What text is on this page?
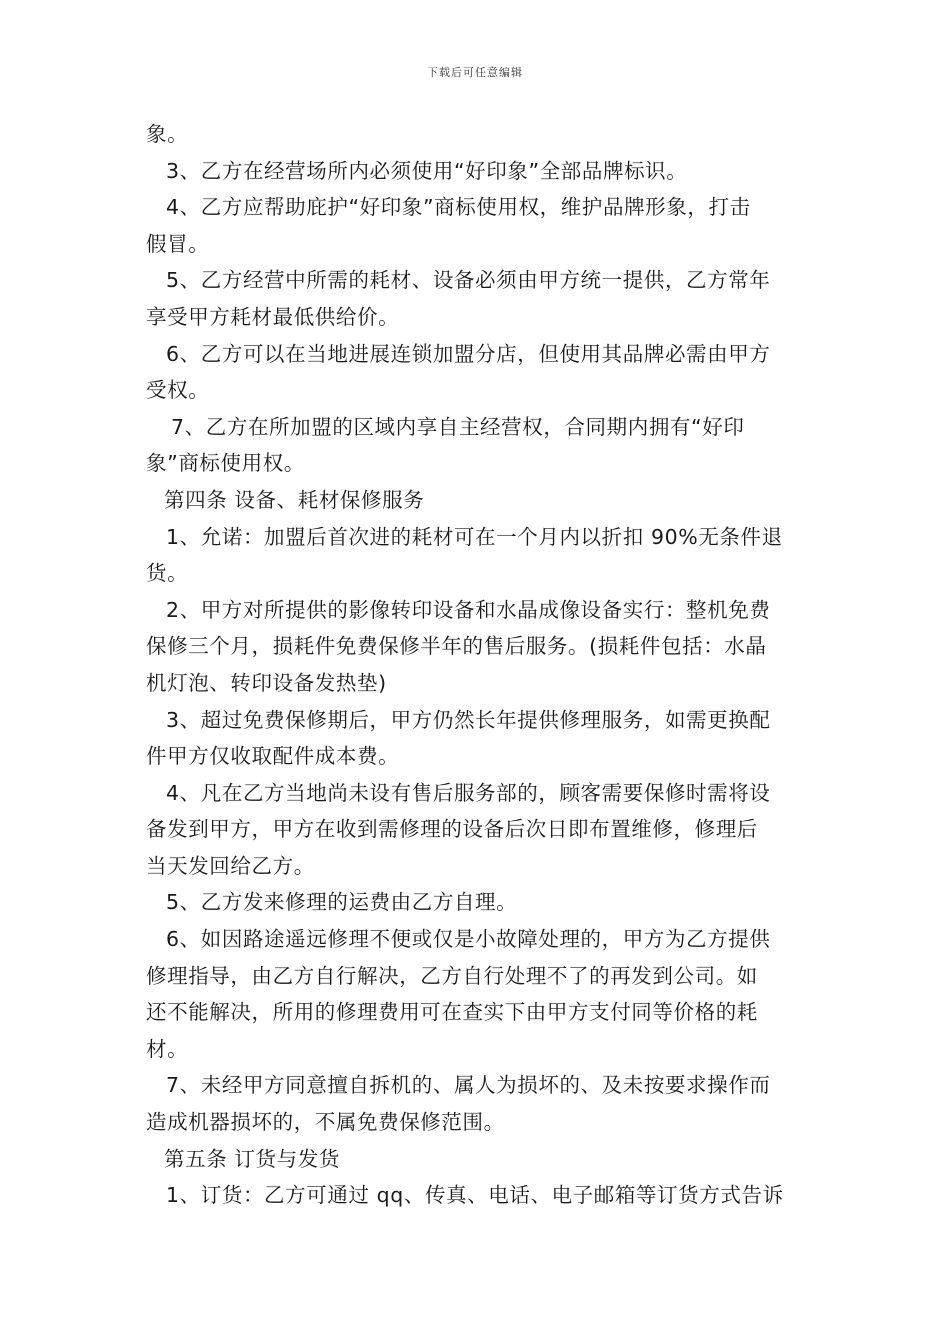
下载后可任意编辑
象。
3、乙方在经营场所内必须使用“好印象”全部品牌标识。
4、乙方应帮助庇护“好印象”商标使用权，维护品牌形象，打击
假冒。
5、乙方经营中所需的耗材、设备必须由甲方统一提供，乙方常年
享受甲方耗材最低供给价。
6、乙方可以在当地进展连锁加盟分店，但使用其品牌必需由甲方
受权。
7、乙方在所加盟的区域内享自主经营权，合同期内拥有“好印
象”商标使用权。
第四条 设备、耗材保修服务
1、允诺：加盟后首次进的耗材可在一个月内以折扣 90%无条件退
货。
2、甲方对所提供的影像转印设备和水晶成像设备实行：整机免费
保修三个月，损耗件免费保修半年的售后服务。(损耗件包括：水晶
机灯泡、转印设备发热垫)
3、超过免费保修期后，甲方仍然长年提供修理服务，如需更换配
件甲方仅收取配件成本费。
4、凡在乙方当地尚未设有售后服务部的，顾客需要保修时需将设
备发到甲方，甲方在收到需修理的设备后次日即布置维修，修理后
当天发回给乙方。
5、乙方发来修理的运费由乙方自理。
6、如因路途遥远修理不便或仅是小故障处理的，甲方为乙方提供
修理指导，由乙方自行解决，乙方自行处理不了的再发到公司。如
还不能解决，所用的修理费用可在查实下由甲方支付同等价格的耗
材。
7、未经甲方同意擅自拆机的、属人为损坏的、及未按要求操作而
造成机器损坏的，不属免费保修范围。
第五条 订货与发货
1、订货：乙方可通过 qq、传真、电话、电子邮箱等订货方式告诉
